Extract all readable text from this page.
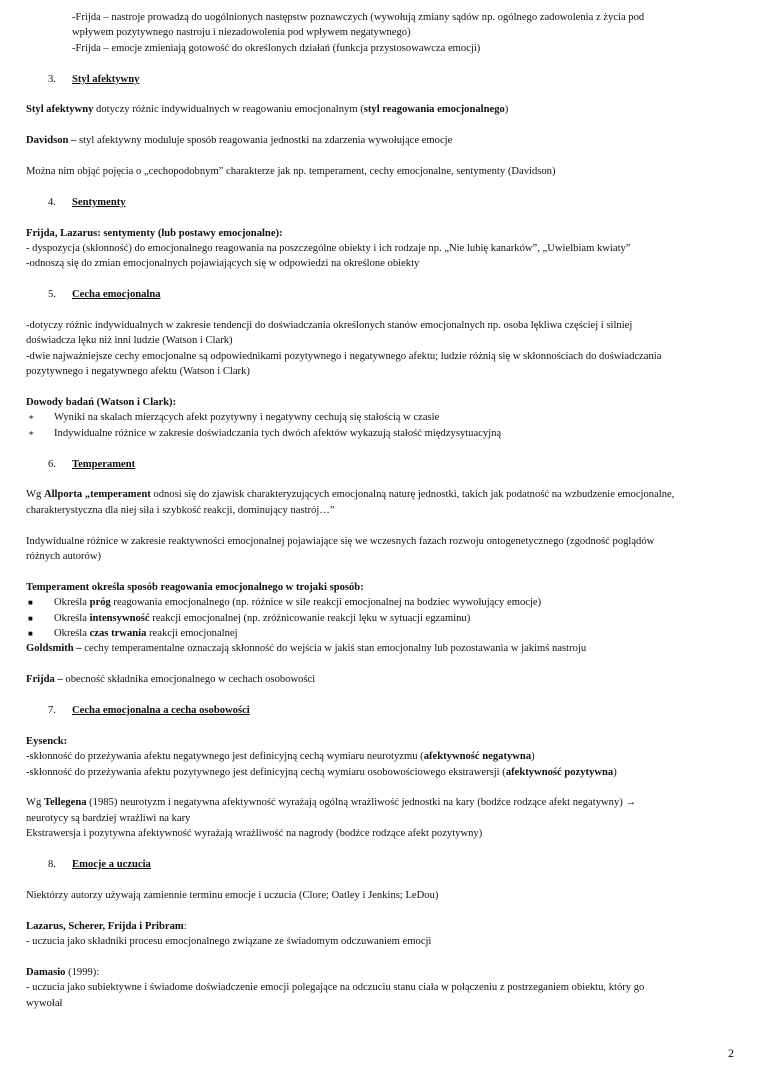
-Frijda – nastroje prowadzą do uogólnionych następstw poznawczych (wywołują zmiany sądów np. ogólnego zadowolenia z życia pod

wpływem pozytywnego nastroju i niezadowolenia pod wpływem negatywnego)

-Frijda – emocje zmieniają gotowość do określonych działań (funkcja przystosowawcza emocji)

3.	Styl afektywny

Styl afektywny dotyczy różnic indywidualnych w reagowaniu emocjonalnym (styl reagowania emocjonalnego)

Davidson – styl afektywny moduluje sposób reagowania jednostki na zdarzenia wywołujące emocje

Można nim objąć pojęcia o „cechopodobnym” charakterze jak np. temperament, cechy emocjonalne, sentymenty (Davidson)

4.	Sentymenty

Frijda, Lazarus: sentymenty (lub postawy emocjonalne):

- dyspozycja (skłonność) do emocjonalnego reagowania na poszczególne obiekty i ich rodzaje np. „Nie lubię kanarków”, „Uwielbiam kwiaty”

-odnoszą się do zmian emocjonalnych pojawiających się w odpowiedzi na określone obiekty

5.	Cecha emocjonalna

-dotyczy różnic indywidualnych w zakresie tendencji do doświadczania określonych stanów emocjonalnych np. osoba lękliwa częściej i silniej

doświadcza lęku niż inni ludzie (Watson i Clark)

-dwie najważniejsze cechy emocjonalne są odpowiednikami pozytywnego i negatywnego afektu; ludzie różnią się w skłonnościach do doświadczania

pozytywnego i negatywnego afektu (Watson i Clark)

Dowody badań (Watson i Clark):

∗	Wyniki na skalach mierzących afekt pozytywny i negatywny cechują się stałością w czasie
∗	Indywidualne różnice w zakresie doświadczania tych dwóch afektów wykazują stałość międzysytuacyjną

6.	Temperament

Wg Allporta „temperament odnosi się do zjawisk charakteryzujących emocjonalną naturę jednostki, takich jak podatność na wzbudzenie emocjonalne,

charakterystyczna dla niej siła i szybkość reakcji, dominujący nastrój…”

Indywidualne różnice w zakresie reaktywności emocjonalnej pojawiające się we wczesnych fazach rozwoju ontogenetycznego (zgodność poglądów

różnych autorów)

Temperament określa sposób reagowania emocjonalnego w trojaki sposób:

■	Określa próg reagowania emocjonalnego (np. różnice w sile reakcji emocjonalnej na bodziec wywołujący emocje)
■	Określa intensywność reakcji emocjonalnej (np. zróżnicowanie reakcji lęku w sytuacji egzaminu)
■	Określa czas trwania reakcji emocjonalnej

Goldsmith – cechy temperamentalne oznaczają skłonność do wejścia w jakiś stan emocjonalny lub pozostawania w jakimś nastroju

Frijda – obecność składnika emocjonalnego w cechach osobowości

7.	Cecha emocjonalna a cecha osobowości

Eysenck:

-skłonność do przeżywania afektu negatywnego jest definicyjną cechą wymiaru neurotyzmu (afektywność negatywna)

-skłonność do przeżywania afektu pozytywnego jest definicyjną cechą wymiaru osobowościowego ekstrawersji (afektywność pozytywna)

Wg Tellegena (1985) neurotyzm i negatywna afektywność wyrażają ogólną wrażliwość jednostki na kary (bodźce rodzące afekt negatywny) →

neurotycy są bardziej wrażliwi na kary

Ekstrawersja i pozytywna afektywność wyrażają wrażliwość na nagrody (bodźce rodzące afekt pozytywny)

8.	Emocje a uczucia

Niektórzy autorzy używają zamiennie terminu emocje i uczucia (Clore; Oatley i Jenkins; LeDou)

Lazarus, Scherer, Frijda i Pribram:

- uczucia jako składniki procesu emocjonalnego związane ze świadomym odczuwaniem emocji

Damasio (1999):

- uczucia jako subiektywne i świadome doświadczenie emocji polegające na odczuciu stanu ciała w połączeniu z postrzeganiem obiektu, który go

wywołał

2
